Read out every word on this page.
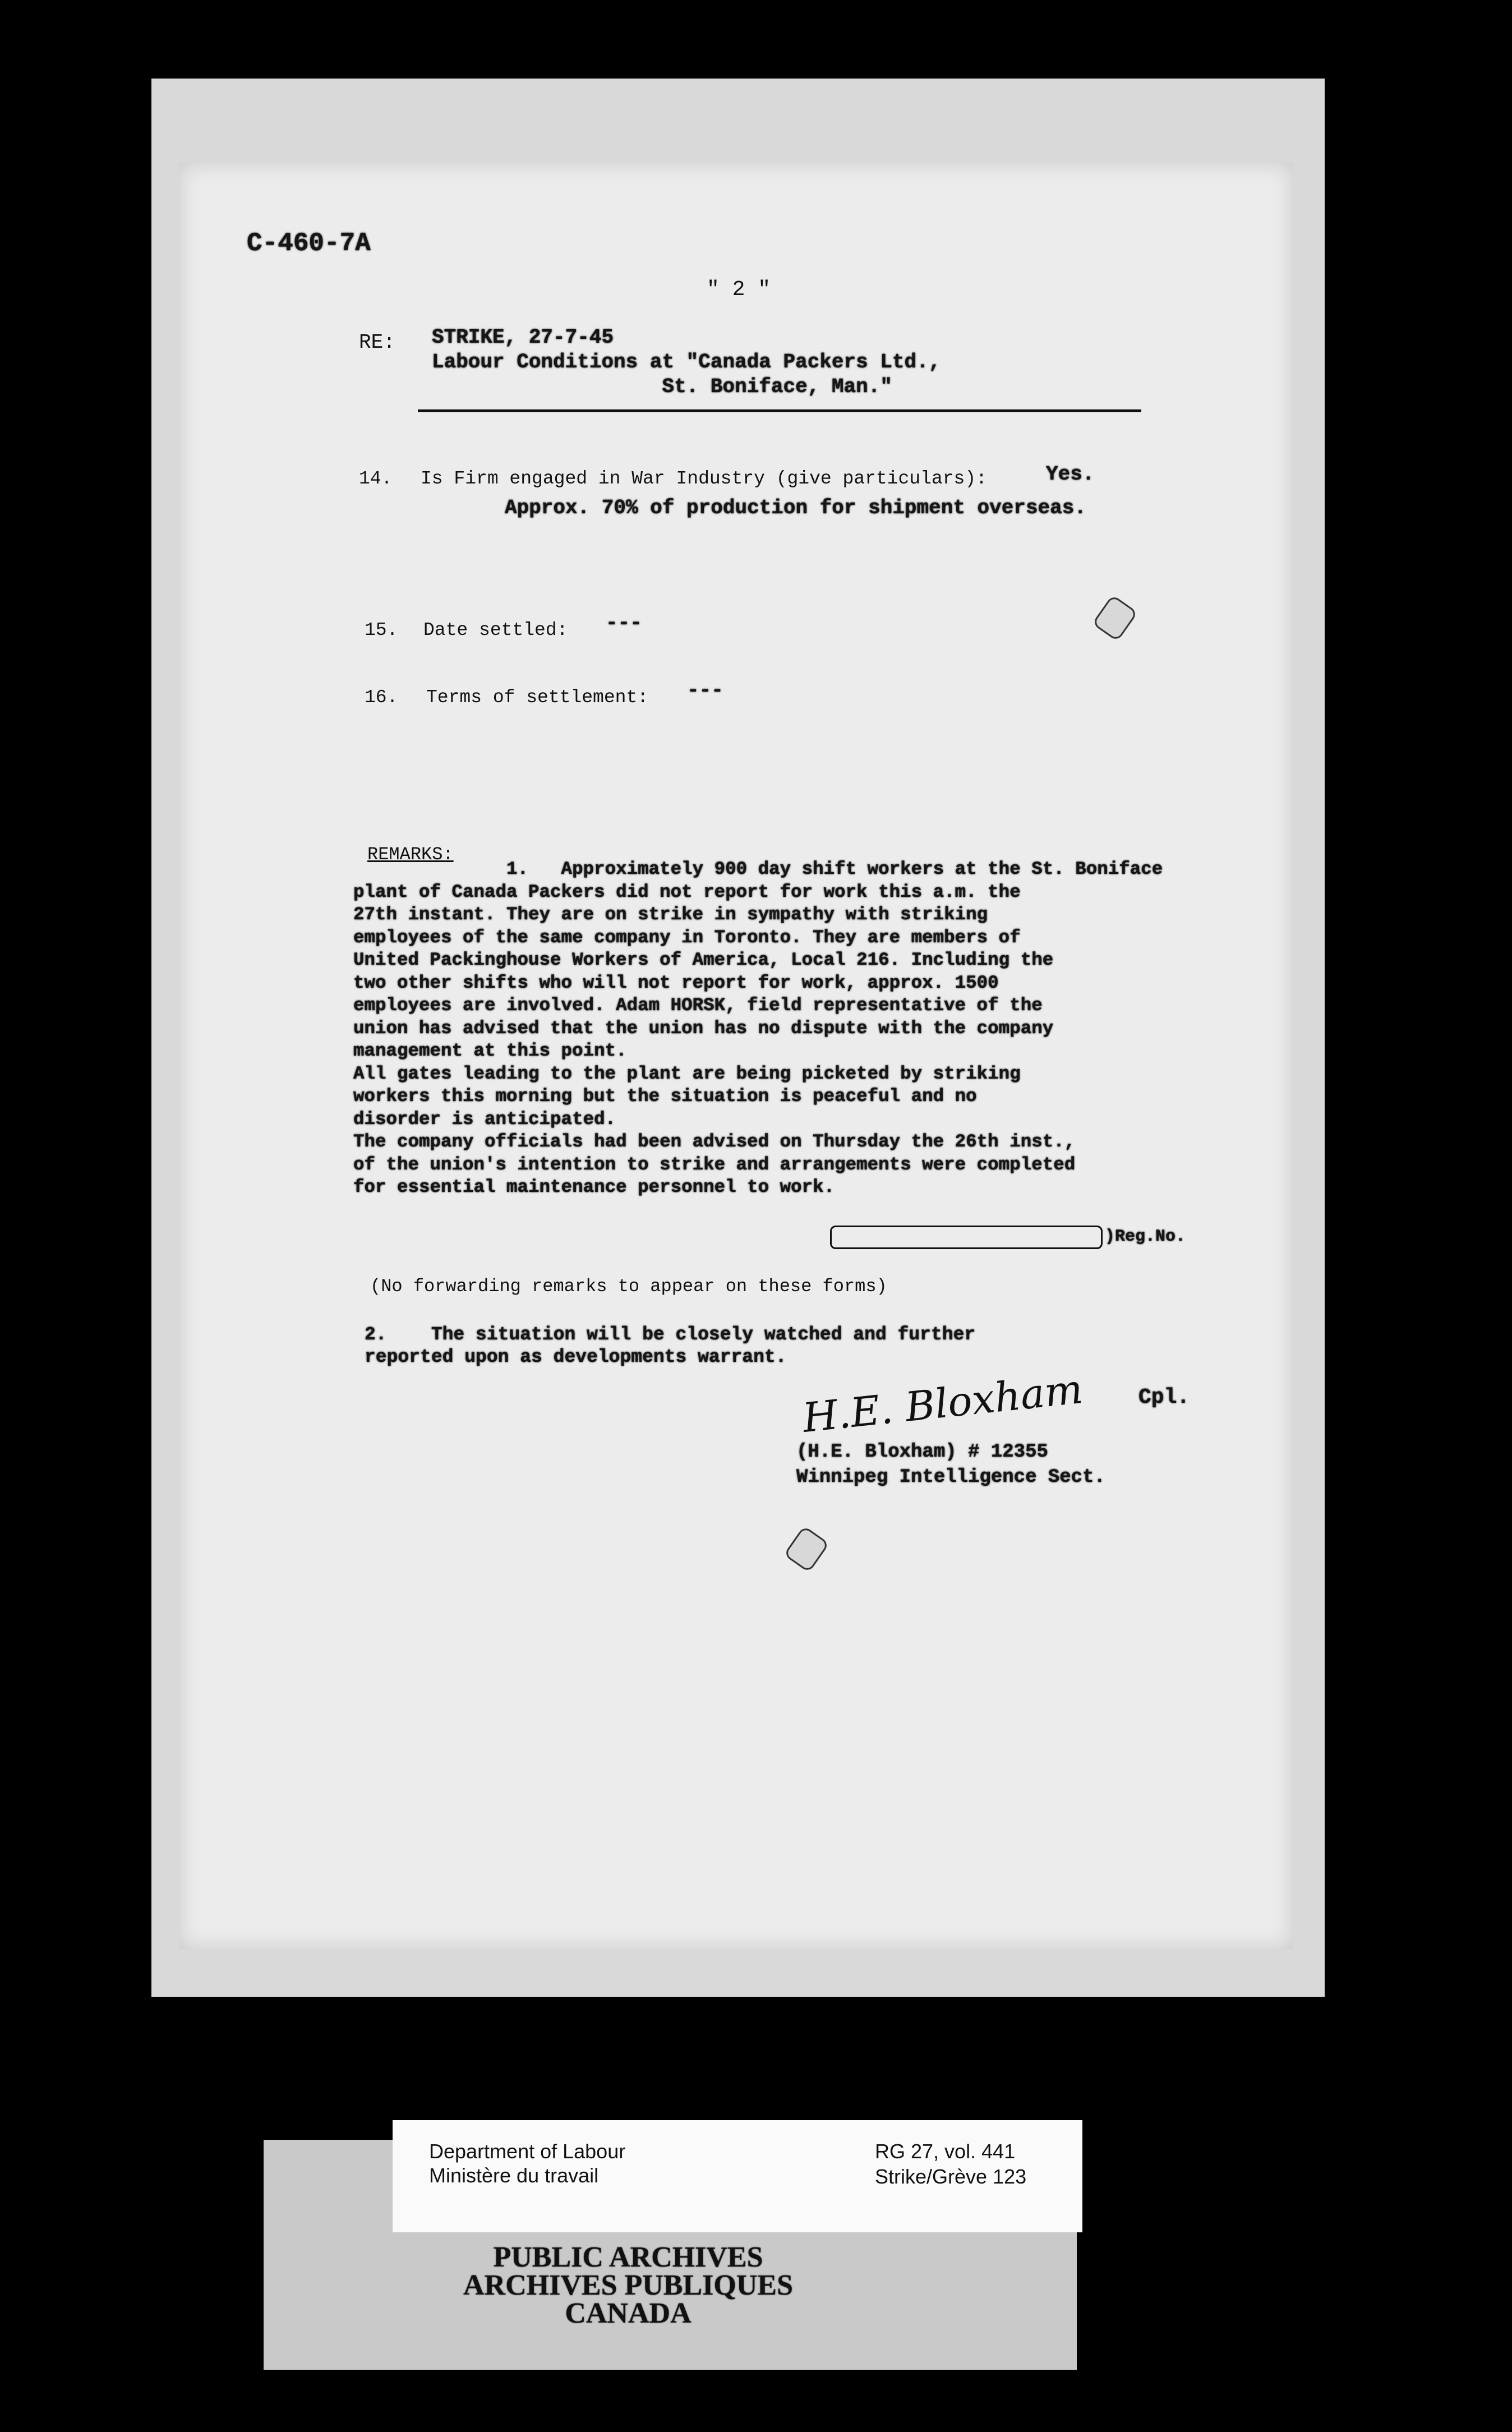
C-460-7A
" 2 "
RE: STRIKE, 27-7-45
Labour Conditions at "Canada Packers Ltd.,
St. Boniface, Man."
14. Is Firm engaged in War Industry (give particulars):	Yes.
Approx. 70% of production for shipment overseas.
15. Date settled: ---
16. Terms of settlement: ---
REMARKS:
1.   Approximately 900 day shift workers at the St. Boniface
plant of Canada Packers did not report for work this a.m. the
27th instant. They are on strike in sympathy with striking
employees of the same company in Toronto. They are members of
United Packinghouse Workers of America, Local 216. Including the
two other shifts who will not report for work, approx. 1500
employees are involved. Adam HORSK, field representative of the
union has advised that the union has no dispute with the company
management at this point.
All gates leading to the plant are being picketed by striking
workers this morning but the situation is peaceful and no
disorder is anticipated.
The company officials had been advised on Thursday the 26th inst.,
of the union's intention to strike and arrangements were completed
for essential maintenance personnel to work.
)Reg.No.
(No forwarding remarks to appear on these forms)
2.    The situation will be closely watched and further
reported upon as developments warrant.
H.E. Bloxham	Cpl.
(H.E. Bloxham) # 12355
Winnipeg Intelligence Sect.
Department of Labour
Ministère du travail
RG 27, vol. 441
Strike/Grève 123
PUBLIC ARCHIVES
ARCHIVES PUBLIQUES
CANADA
